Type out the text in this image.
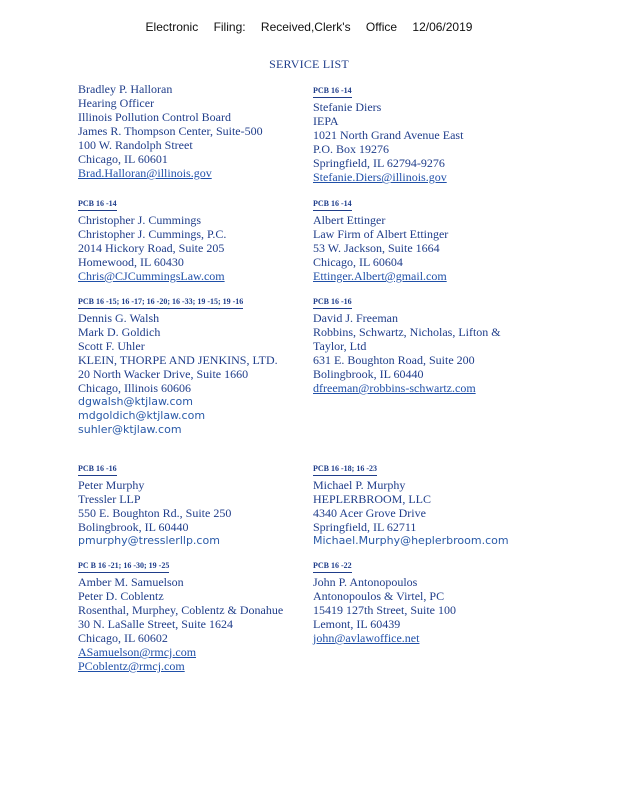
Electronic Filing: Received,Clerk's Office 12/06/2019
SERVICE LIST
Bradley P. Halloran
Hearing Officer
Illinois Pollution Control Board
James R. Thompson Center, Suite-500
100 W. Randolph Street
Chicago, IL 60601
Brad.Halloran@illinois.gov
PCB 16 -14
Stefanie Diers
IEPA
1021 North Grand Avenue East
P.O. Box 19276
Springfield, IL 62794-9276
Stefanie.Diers@illinois.gov
PCB 16 -14
Christopher J. Cummings
Christopher J. Cummings, P.C.
2014 Hickory Road, Suite 205
Homewood, IL 60430
Chris@CJCummingsLaw.com
PCB 16 -14
Albert Ettinger
Law Firm of Albert Ettinger
53 W. Jackson, Suite 1664
Chicago, IL 60604
Ettinger.Albert@gmail.com
PCB 16 -15; 16 -17; 16 -20; 16 -33; 19 -15; 19 -16
Dennis G. Walsh
Mark D. Goldich
Scott F. Uhler
KLEIN, THORPE AND JENKINS, LTD.
20 North Wacker Drive, Suite 1660
Chicago, Illinois 60606
dgwalsh@ktjlaw.com
mdgoldich@ktjlaw.com
suhler@ktjlaw.com
PCB 16 -16
David J. Freeman
Robbins, Schwartz, Nicholas, Lifton &
Taylor, Ltd
631 E. Boughton Road, Suite 200
Bolingbrook, IL 60440
dfreeman@robbins-schwartz.com
PCB 16 -16
Peter Murphy
Tressler LLP
550 E. Boughton Rd., Suite 250
Bolingbrook, IL 60440
pmurphy@tresslerllp.com
PCB 16 -18; 16 -23
Michael P. Murphy
HEPLERBROOM, LLC
4340 Acer Grove Drive
Springfield, IL 62711
Michael.Murphy@heplerbroom.com
PC B 16 -21; 16 -30; 19 -25
Amber M. Samuelson
Peter D. Coblentz
Rosenthal, Murphey, Coblentz & Donahue
30 N. LaSalle Street, Suite 1624
Chicago, IL 60602
ASamuelson@rmcj.com
PCoblentz@rmcj.com
PCB 16 -22
John P. Antonopoulos
Antonopoulos & Virtel, PC
15419 127th Street, Suite 100
Lemont, IL 60439
john@avlawoffice.net
